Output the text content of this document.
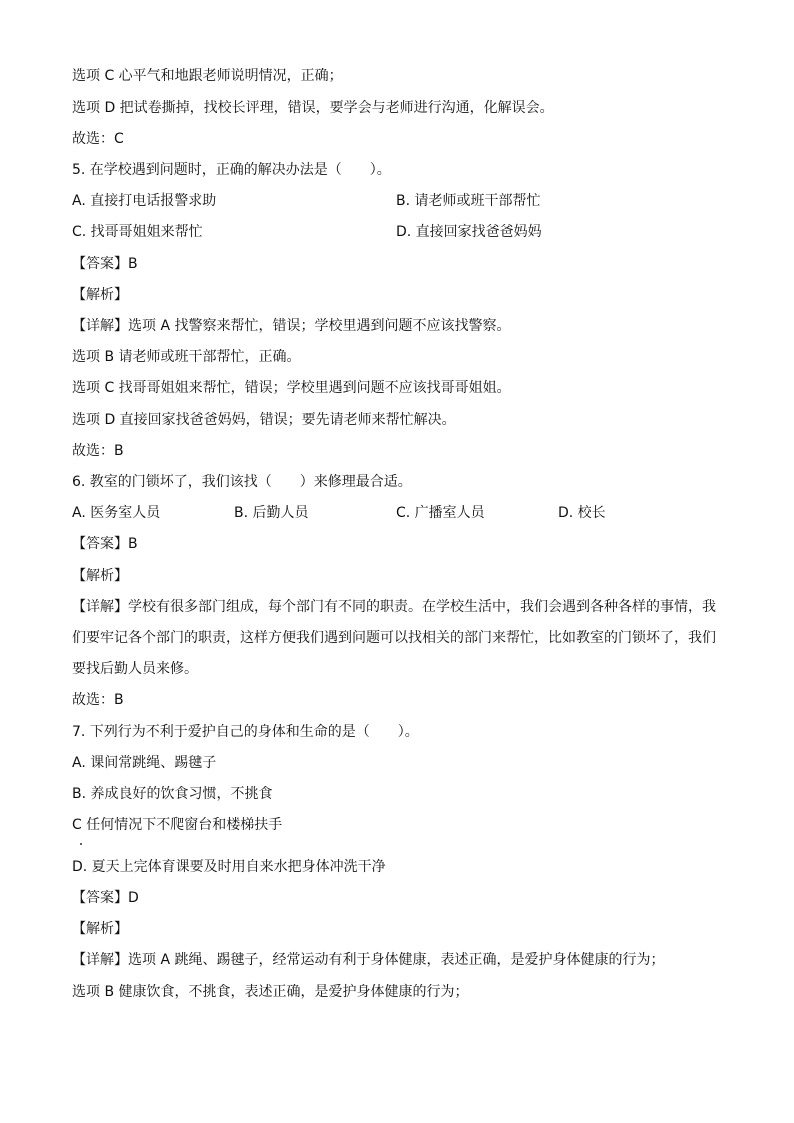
选项 C 心平气和地跟老师说明情况，正确；
选项 D 把试卷撕掉，找校长评理，错误，要学会与老师进行沟通，化解误会。
故选：C
5. 在学校遇到问题时，正确的解决办法是（　　）。
A. 直接打电话报警求助	B. 请老师或班干部帮忙
C. 找哥哥姐姐来帮忙	D. 直接回家找爸爸妈妈
【答案】B
【解析】
【详解】选项 A 找警察来帮忙，错误；学校里遇到问题不应该找警察。
选项 B 请老师或班干部帮忙，正确。
选项 C 找哥哥姐姐来帮忙，错误；学校里遇到问题不应该找哥哥姐姐。
选项 D 直接回家找爸爸妈妈，错误；要先请老师来帮忙解决。
故选：B
6. 教室的门锁坏了，我们该找（　　）来修理最合适。
A. 医务室人员	B. 后勤人员	C. 广播室人员	D. 校长
【答案】B
【解析】
【详解】学校有很多部门组成，每个部门有不同的职责。在学校生活中，我们会遇到各种各样的事情，我
们要牢记各个部门的职责，这样方便我们遇到问题可以找相关的部门来帮忙，比如教室的门锁坏了，我们
要找后勤人员来修。
故选：B
7. 下列行为不利于爱护自己的身体和生命的是（　　）。
A. 课间常跳绳、踢毽子
B. 养成良好的饮食习惯，不挑食
C 任何情况下不爬窗台和楼梯扶手
D. 夏天上完体育课要及时用自来水把身体冲洗干净
【答案】D
【解析】
【详解】选项 A 跳绳、踢毽子，经常运动有利于身体健康，表述正确，是爱护身体健康的行为；
选项 B 健康饮食，不挑食，表述正确，是爱护身体健康的行为；
